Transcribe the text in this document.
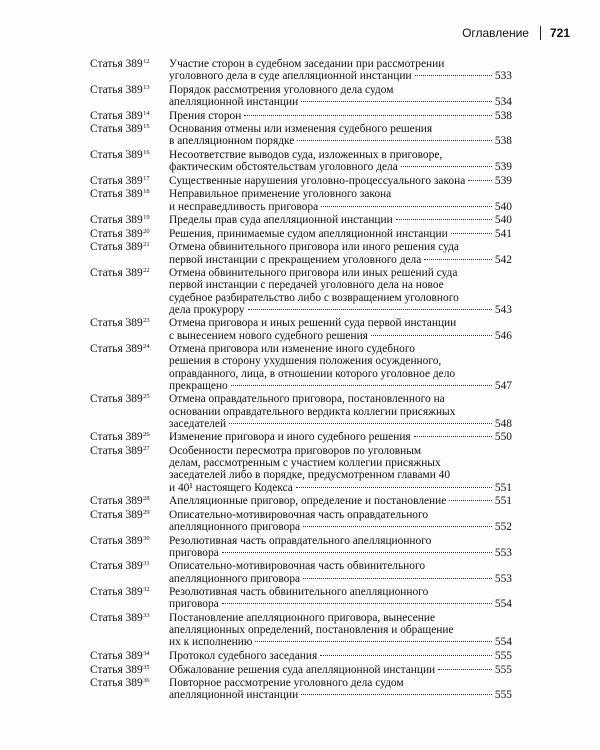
Оглавление 721
Статья $389^{12}$	Участие сторон в судебном заседании при рассмотрении
уголовного дела в суде апелляционной инстанции	533
Статья $389^{13}$	Порядок рассмотрения уголовного дела судом
апелляционной инстанции	534
Статья $389^{14}$	Прения сторон	538
Статья $389^{15}$	Основания отмены или изменения судебного решения
в апелляционном порядке	538
Статья $389^{16}$	Несоответствие выводов суда, изложенных в приговоре,
фактическим обстоятельствам уголовного дела	539
Статья $389^{17}$	Существенные нарушения уголовно-процессуального закона	539
Статья $389^{18}$	Неправильное применение уголовного закона
и несправедливость приговора	540
Статья $389^{19}$	Пределы прав суда апелляционной инстанции	540
Статья $389^{20}$	Решения, принимаемые судом апелляционной инстанции	541
Статья $389^{21}$	Отмена обвинительного приговора или иного решения суда
первой инстанции с прекращением уголовного дела	542
Статья $389^{22}$	Отмена обвинительного приговора или иных решений суда
первой инстанции с передачей уголовного дела на новое
судебное разбирательство либо с возвращением уголовного
дела прокурору	543
Статья $389^{23}$	Отмена приговора и иных решений суда первой инстанции
с вынесением нового судебного решения	546
Статья $389^{24}$	Отмена приговора или изменение иного судебного
решения в сторону ухудшения положения осужденного,
оправданного, лица, в отношении которого уголовное дело
прекращено	547
Статья $389^{25}$	Отмена оправдательного приговора, постановленного на
основании оправдательного вердикта коллегии присяжных
заседателей	548
Статья $389^{26}$	Изменение приговора и иного судебного решения	550
Статья $389^{27}$	Особенности пересмотра приговоров по уголовным
делам, рассмотренным с участием коллегии присяжных
заседателей либо в порядке, предусмотренном главами 40
и 40¹ настоящего Кодекса	551
Статья $389^{28}$	Апелляционные приговор, определение и постановление	551
Статья $389^{29}$	Описательно-мотивировочная часть оправдательного
апелляционного приговора	552
Статья $389^{30}$	Резолютивная часть оправдательного апелляционного
приговора	553
Статья $389^{31}$	Описательно-мотивировочная часть обвинительного
апелляционного приговора	553
Статья $389^{32}$	Резолютивная часть обвинительного апелляционного
приговора	554
Статья $389^{33}$	Постановление апелляционного приговора, вынесение
апелляционных определений, постановления и обращение
их к исполнению	554
Статья $389^{34}$	Протокол судебного заседания	555
Статья $389^{35}$	Обжалование решения суда апелляционной инстанции	555
Статья $389^{36}$	Повторное рассмотрение уголовного дела судом
апелляционной инстанции	555
